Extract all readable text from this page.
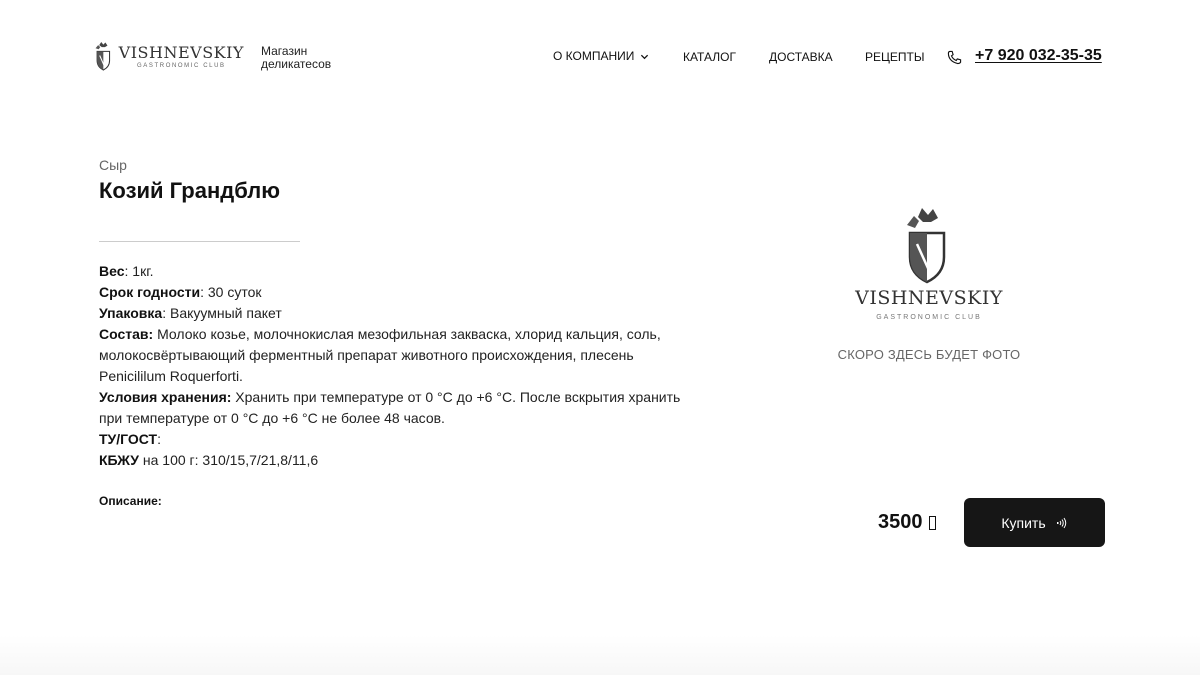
VISHNEVSKIY
GASTRONOMIC CLUB
Магазин деликатесов
О КОМПАНИИ	КАТАЛОГ	ДОСТАВКА	РЕЦЕПТЫ	+7 920 032-35-35
Сыр
Козий Грандблю
Вес: 1кг.
Срок годности: 30 суток
Упаковка: Вакуумный пакет
Состав: Молоко козье, молочнокислая мезофильная закваска, хлорид кальция, соль, молокосвёртывающий ферментный препарат животного происхождения, плесень Penicililum Roquerforti.
Условия хранения: Хранить при температуре от 0 °С до +6 °С. После вскрытия хранить при температуре от 0 °С до +6 °С не более 48 часов.
ТУ/ГОСТ:
КБЖУ на 100 г: 310/15,7/21,8/11,6
Описание:
VISHNEVSKIY
GASTRONOMIC CLUB
СКОРО ЗДЕСЬ БУДЕТ ФОТО
3500	Купить
